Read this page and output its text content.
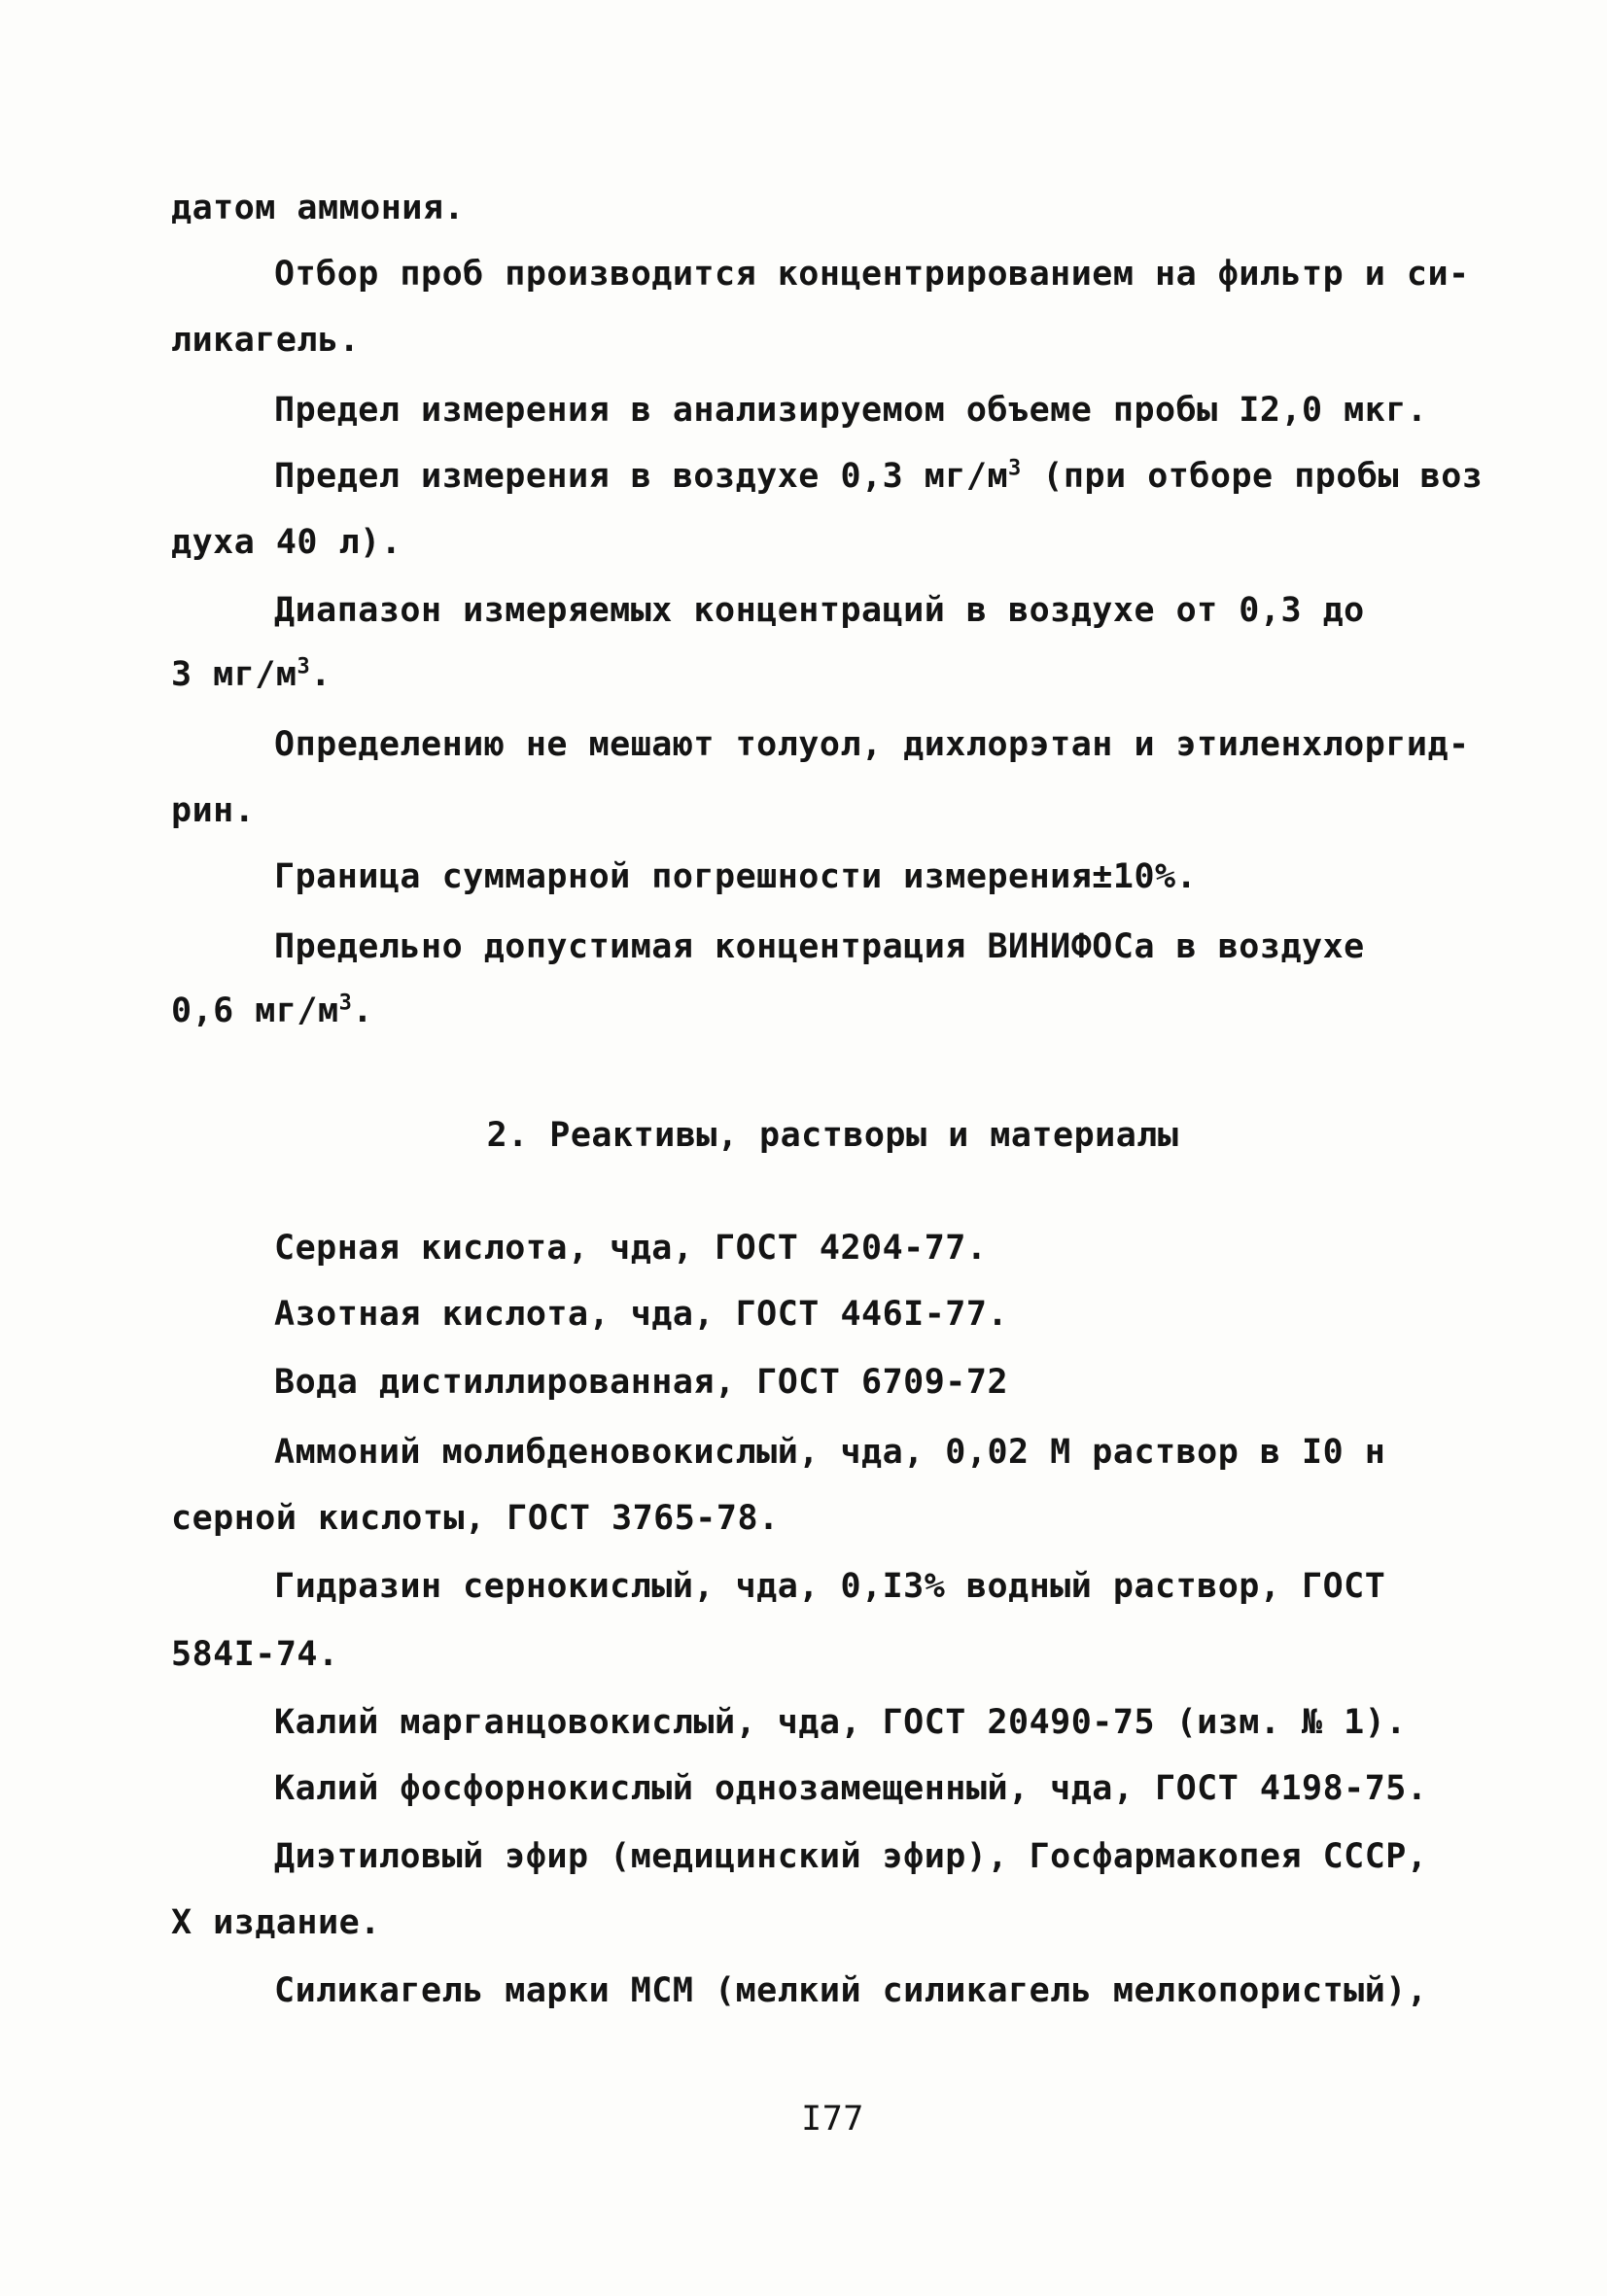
датом аммония.
Отбор проб производится концентрированием на фильтр и си-
ликагель.
Предел измерения в анализируемом объеме пробы I2,0 мкг.
Предел измерения в воздухе 0,3 $мг/м^3$ (при отборе пробы воз
духа 40 л).
Диапазон измеряемых концентраций в воздухе от 0,3 до
3 $мг/м^3$.
Определению не мешают толуол, дихлорэтан и этиленхлоргид-
рин.
Граница суммарной погрешности измерения±10%.
Предельно допустимая концентрация ВИНИФОСа в воздухе
0,6 $мг/м^3$.
2. Реактивы, растворы и материалы
Серная кислота, чда, ГОСТ 4204-77.
Азотная кислота, чда, ГОСТ 446I-77.
Вода дистиллированная, ГОСТ 6709-72
Аммоний молибденовокислый, чда, 0,02 М раствор в I0 н
серной кислоты, ГОСТ 3765-78.
Гидразин сернокислый, чда, 0,I3% водный раствор, ГОСТ
584I-74.
Калий марганцовокислый, чда, ГОСТ 20490-75 (изм. № 1).
Калий фосфорнокислый однозамещенный, чда, ГОСТ 4198-75.
Диэтиловый эфир (медицинский эфир), Госфармакопея СССР,
X издание.
Силикагель марки МСМ (мелкий силикагель мелкопористый),
I77
